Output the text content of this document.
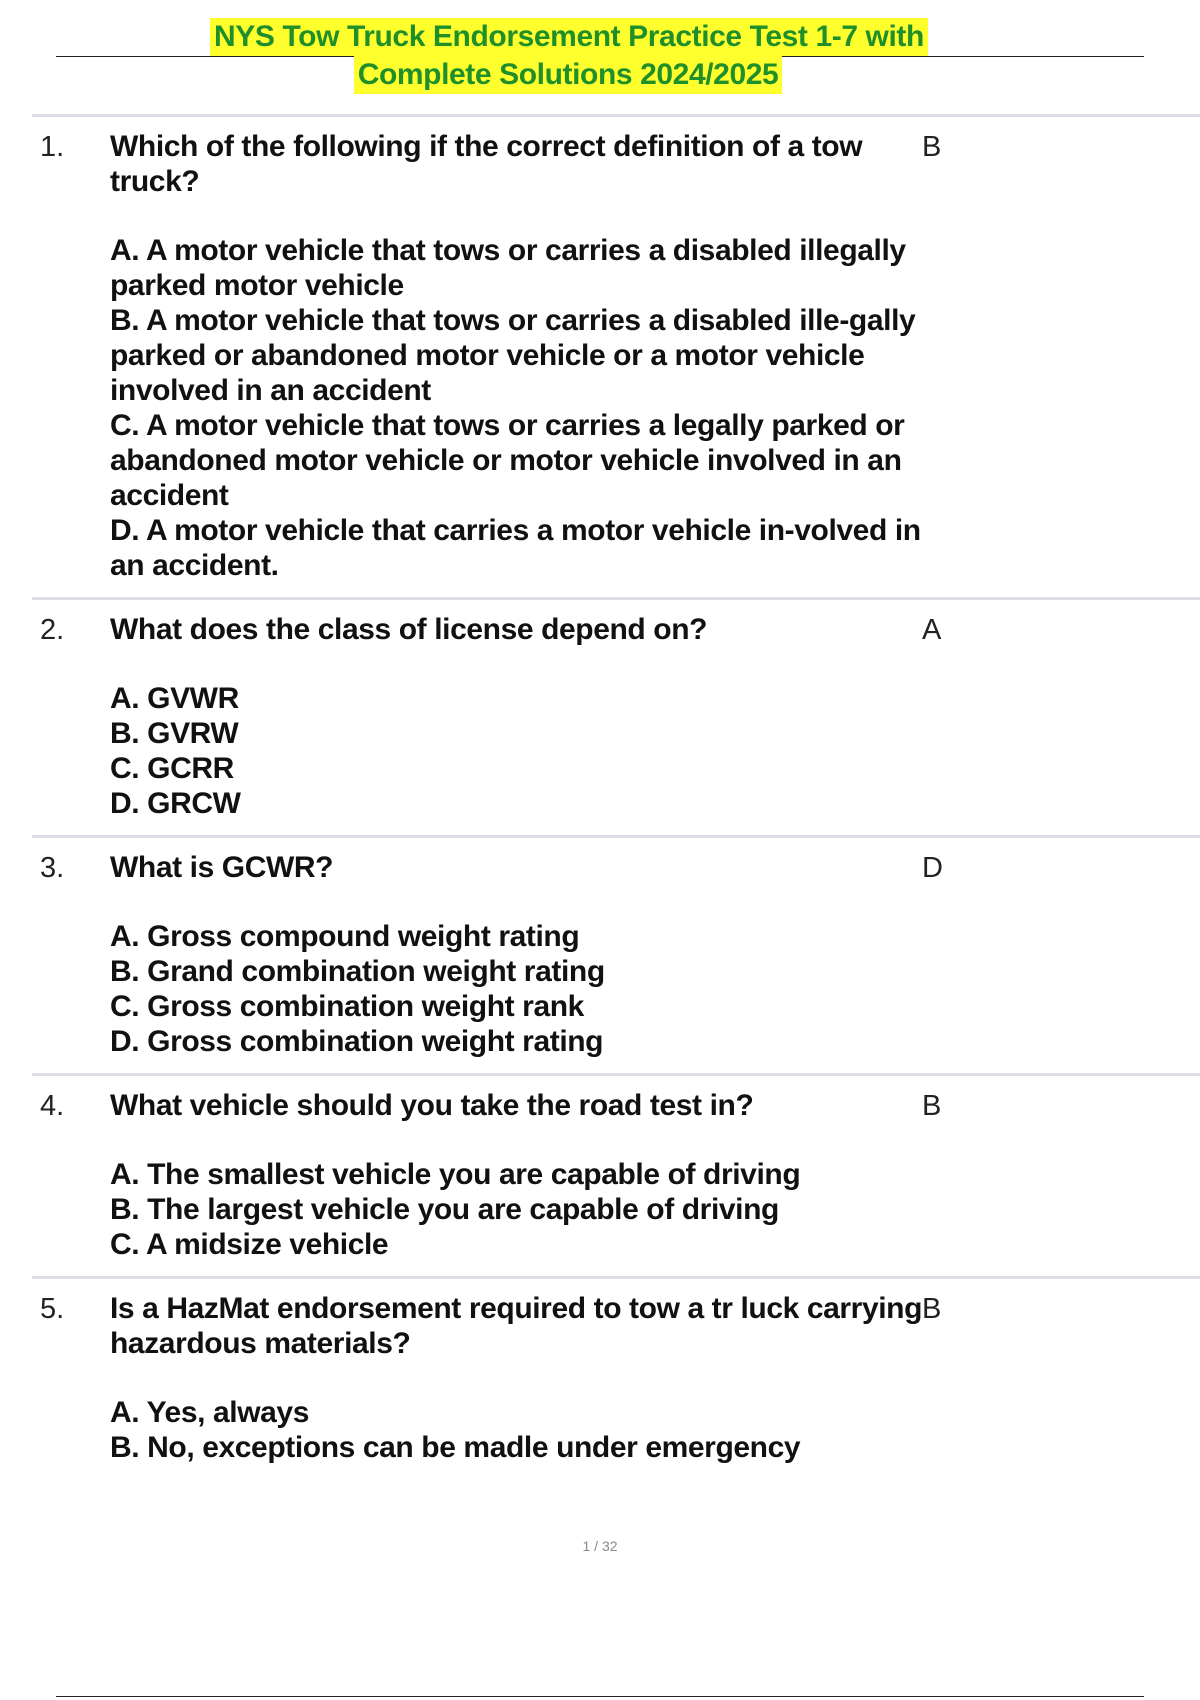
NYS Tow Truck Endorsement Practice Test 1-7 with
Complete Solutions 2024/2025
1. Which of the following if the correct definition of a tow truck?
A. A motor vehicle that tows or carries a disabled illegally parked motor vehicle
B. A motor vehicle that tows or carries a disabled ille-gally parked or abandoned motor vehicle or a motor vehicle involved in an accident
C. A motor vehicle that tows or carries a legally parked or abandoned motor vehicle or motor vehicle involved in an accident
D. A motor vehicle that carries a motor vehicle in-volved in an accident.
B
2. What does the class of license depend on?
A. GVWR
B. GVRW
C. GCRR
D. GRCW
A
3. What is GCWR?
A. Gross compound weight rating
B. Grand combination weight rating
C. Gross combination weight rank
D. Gross combination weight rating
D
4. What vehicle should you take the road test in?
A. The smallest vehicle you are capable of driving
B. The largest vehicle you are capable of driving
C. A midsize vehicle
B
5. Is a HazMat endorsement required to tow a tr luck carrying hazardous materials?
A. Yes, always
B. No, exceptions can be madle under emergency
B
1 / 32
